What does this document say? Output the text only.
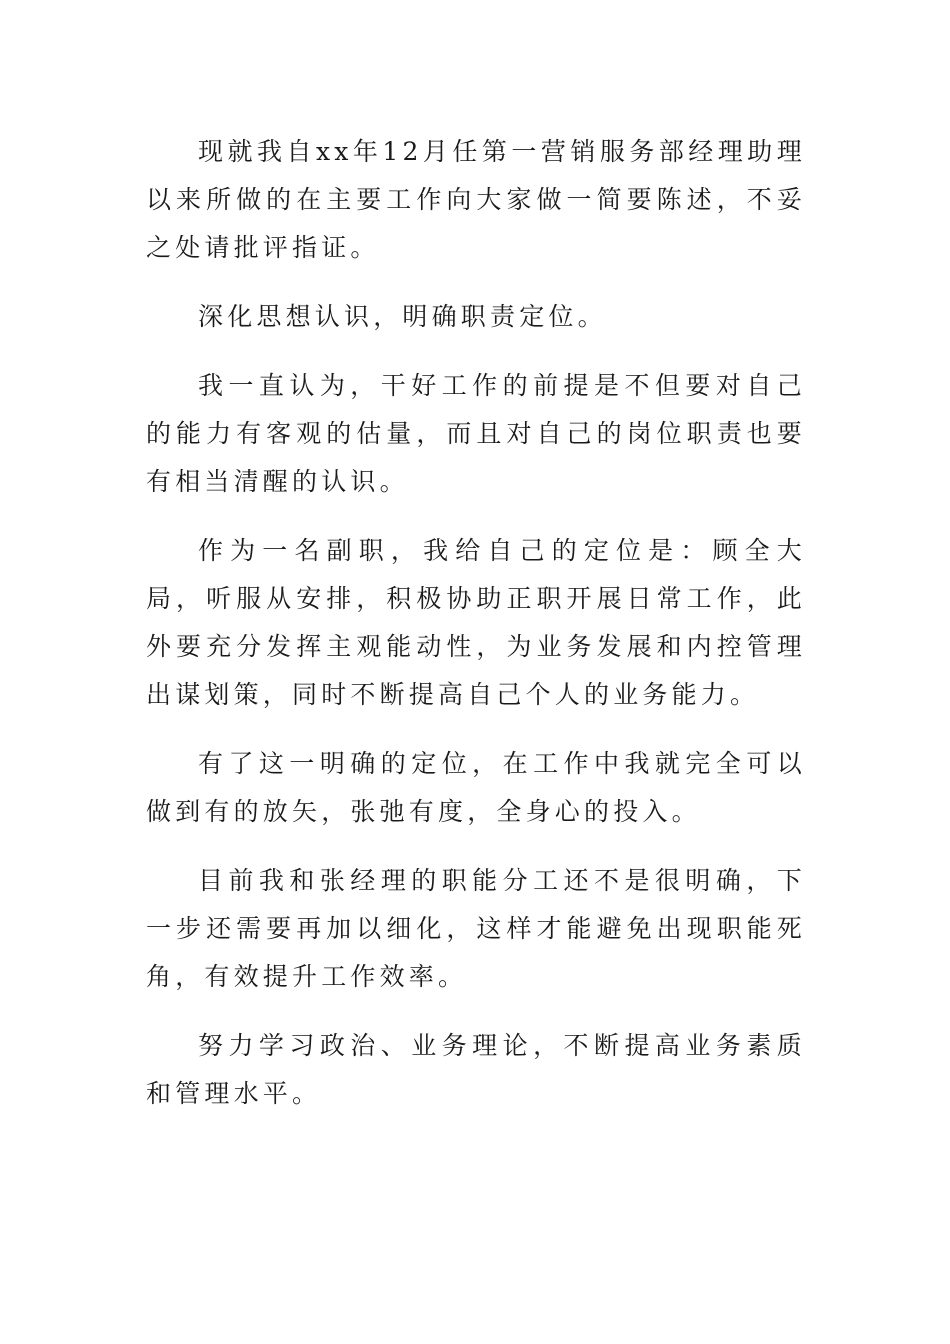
现就我自xx年12月任第一营销服务部经理助理以来所做的在主要工作向大家做一简要陈述，不妥之处请批评指证。

深化思想认识，明确职责定位。

我一直认为，干好工作的前提是不但要对自己的能力有客观的估量，而且对自己的岗位职责也要有相当清醒的认识。

作为一名副职，我给自己的定位是：顾全大局，听服从安排，积极协助正职开展日常工作，此外要充分发挥主观能动性，为业务发展和内控管理出谋划策，同时不断提高自己个人的业务能力。

有了这一明确的定位，在工作中我就完全可以做到有的放矢，张弛有度，全身心的投入。

目前我和张经理的职能分工还不是很明确，下一步还需要再加以细化，这样才能避免出现职能死角，有效提升工作效率。

努力学习政治、业务理论，不断提高业务素质和管理水平。
